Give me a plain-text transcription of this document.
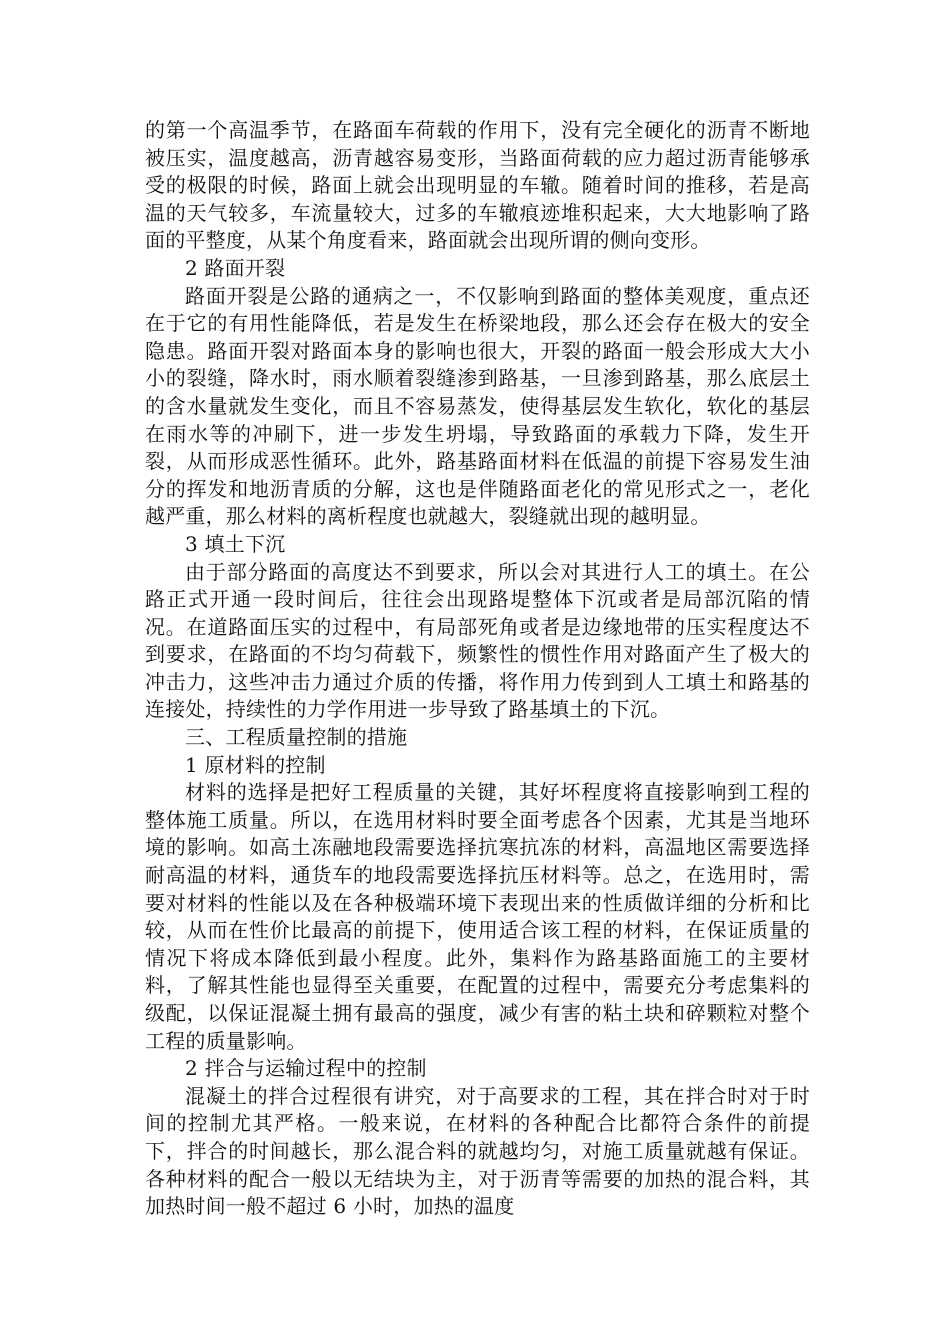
的第一个高温季节，在路面车荷载的作用下，没有完全硬化的沥青不断地被压实，温度越高，沥青越容易变形，当路面荷载的应力超过沥青能够承受的极限的时候，路面上就会出现明显的车辙。随着时间的推移，若是高温的天气较多，车流量较大，过多的车辙痕迹堆积起来，大大地影响了路面的平整度，从某个角度看来，路面就会出现所谓的侧向变形。

2 路面开裂

路面开裂是公路的通病之一，不仅影响到路面的整体美观度，重点还在于它的有用性能降低，若是发生在桥梁地段，那么还会存在极大的安全隐患。路面开裂对路面本身的影响也很大，开裂的路面一般会形成大大小小的裂缝，降水时，雨水顺着裂缝渗到路基，一旦渗到路基，那么底层土的含水量就发生变化，而且不容易蒸发，使得基层发生软化，软化的基层在雨水等的冲刷下，进一步发生坍塌，导致路面的承载力下降，发生开裂，从而形成恶性循环。此外，路基路面材料在低温的前提下容易发生油分的挥发和地沥青质的分解，这也是伴随路面老化的常见形式之一，老化越严重，那么材料的离析程度也就越大，裂缝就出现的越明显。

3 填土下沉

由于部分路面的高度达不到要求，所以会对其进行人工的填土。在公路正式开通一段时间后，往往会出现路堤整体下沉或者是局部沉陷的情况。在道路面压实的过程中，有局部死角或者是边缘地带的压实程度达不到要求，在路面的不均匀荷载下，频繁性的惯性作用对路面产生了极大的冲击力，这些冲击力通过介质的传播，将作用力传到到人工填土和路基的连接处，持续性的力学作用进一步导致了路基填土的下沉。

三、工程质量控制的措施

1 原材料的控制

材料的选择是把好工程质量的关键，其好坏程度将直接影响到工程的整体施工质量。所以，在选用材料时要全面考虑各个因素，尤其是当地环境的影响。如高土冻融地段需要选择抗寒抗冻的材料，高温地区需要选择耐高温的材料，通货车的地段需要选择抗压材料等。总之，在选用时，需要对材料的性能以及在各种极端环境下表现出来的性质做详细的分析和比较，从而在性价比最高的前提下，使用适合该工程的材料，在保证质量的情况下将成本降低到最小程度。此外，集料作为路基路面施工的主要材料，了解其性能也显得至关重要，在配置的过程中，需要充分考虑集料的级配，以保证混凝土拥有最高的强度，减少有害的粘土块和碎颗粒对整个工程的质量影响。

2 拌合与运输过程中的控制

混凝土的拌合过程很有讲究，对于高要求的工程，其在拌合时对于时间的控制尤其严格。一般来说，在材料的各种配合比都符合条件的前提下，拌合的时间越长，那么混合料的就越均匀，对施工质量就越有保证。各种材料的配合一般以无结块为主，对于沥青等需要的加热的混合料，其加热时间一般不超过 6 小时，加热的温度
